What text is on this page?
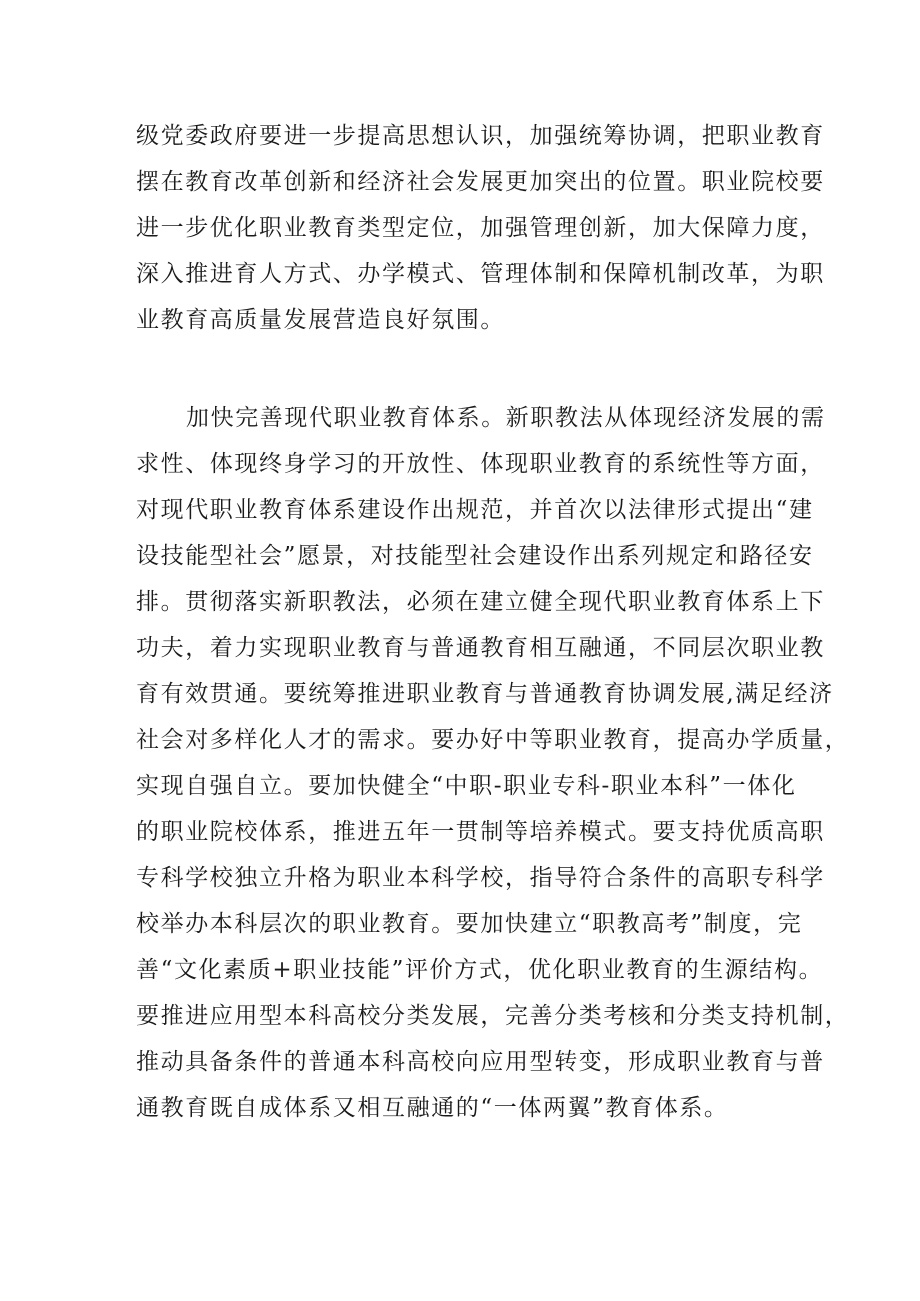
级党委政府要进一步提高思想认识，加强统筹协调，把职业教育
摆在教育改革创新和经济社会发展更加突出的位置。职业院校要
进一步优化职业教育类型定位，加强管理创新，加大保障力度，
深入推进育人方式、办学模式、管理体制和保障机制改革，为职
业教育高质量发展营造良好氛围。
加快完善现代职业教育体系。新职教法从体现经济发展的需
求性、体现终身学习的开放性、体现职业教育的系统性等方面，
对现代职业教育体系建设作出规范，并首次以法律形式提出“建
设技能型社会”愿景，对技能型社会建设作出系列规定和路径安
排。贯彻落实新职教法，必须在建立健全现代职业教育体系上下
功夫，着力实现职业教育与普通教育相互融通，不同层次职业教
育有效贯通。要统筹推进职业教育与普通教育协调发展,满足经济
社会对多样化人才的需求。要办好中等职业教育，提高办学质量，
实现自强自立。要加快健全“中职-职业专科-职业本科”一体化
的职业院校体系，推进五年一贯制等培养模式。要支持优质高职
专科学校独立升格为职业本科学校，指导符合条件的高职专科学
校举办本科层次的职业教育。要加快建立“职教高考”制度，完
善“文化素质+职业技能”评价方式，优化职业教育的生源结构。
要推进应用型本科高校分类发展，完善分类考核和分类支持机制，
推动具备条件的普通本科高校向应用型转变，形成职业教育与普
通教育既自成体系又相互融通的“一体两翼”教育体系。
